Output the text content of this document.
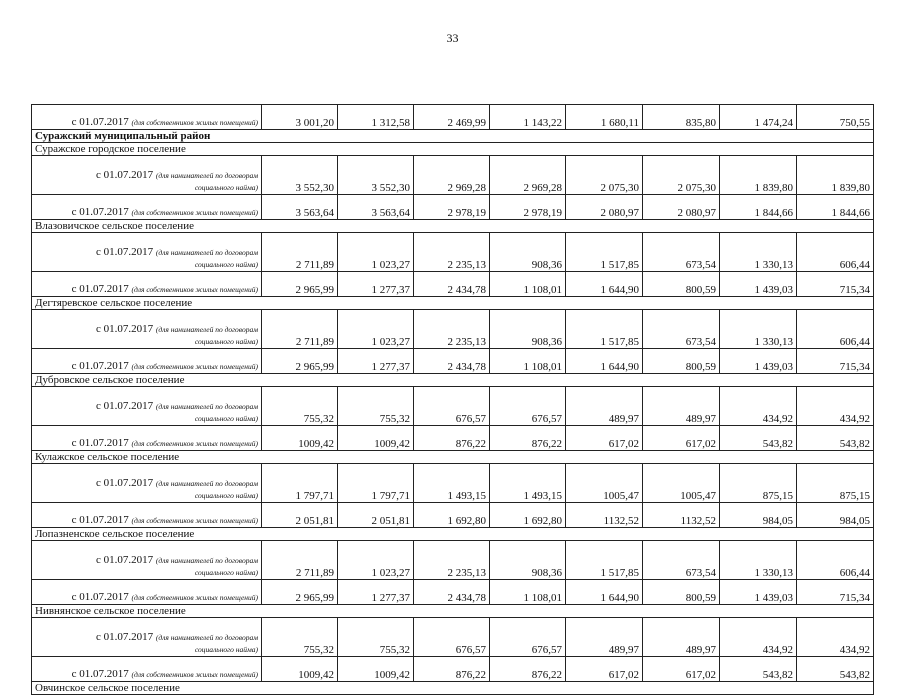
33
с 01.07.2017 (для собственников жилых помещений)	3 001,20	1 312,58	2 469,99	1 143,22	1 680,11	835,80	1 474,24	750,55
Суражский муниципальный район								
Суражское городское поселение								

с 01.07.2017 (для нанимателей по договорам
социального найма)	3 552,30	3 552,30	2 969,28	2 969,28	2 075,30	2 075,30	1 839,80	1 839,80
с 01.07.2017 (для собственников жилых помещений)	3 563,64	3 563,64	2 978,19	2 978,19	2 080,97	2 080,97	1 844,66	1 844,66
Влазовичское сельское поселение								

с 01.07.2017 (для нанимателей по договорам
социального найма)	2 711,89	1 023,27	2 235,13	908,36	1 517,85	673,54	1 330,13	606,44
с 01.07.2017 (для собственников жилых помещений)	2 965,99	1 277,37	2 434,78	1 108,01	1 644,90	800,59	1 439,03	715,34
Дегтяревское сельское поселение								

с 01.07.2017 (для нанимателей по договорам
социального найма)	2 711,89	1 023,27	2 235,13	908,36	1 517,85	673,54	1 330,13	606,44
с 01.07.2017 (для собственников жилых помещений)	2 965,99	1 277,37	2 434,78	1 108,01	1 644,90	800,59	1 439,03	715,34
Дубровское сельское поселение								

с 01.07.2017 (для нанимателей по договорам
социального найма)	755,32	755,32	676,57	676,57	489,97	489,97	434,92	434,92
с 01.07.2017 (для собственников жилых помещений)	1009,42	1009,42	876,22	876,22	617,02	617,02	543,82	543,82
Кулажское сельское поселение								

с 01.07.2017 (для нанимателей по договорам
социального найма)	1 797,71	1 797,71	1 493,15	1 493,15	1005,47	1005,47	875,15	875,15
с 01.07.2017 (для собственников жилых помещений)	2 051,81	2 051,81	1 692,80	1 692,80	1132,52	1132,52	984,05	984,05
Лопазненское сельское поселение								

с 01.07.2017 (для нанимателей по договорам
социального найма)	2 711,89	1 023,27	2 235,13	908,36	1 517,85	673,54	1 330,13	606,44
с 01.07.2017 (для собственников жилых помещений)	2 965,99	1 277,37	2 434,78	1 108,01	1 644,90	800,59	1 439,03	715,34
Нивнянское сельское поселение								

с 01.07.2017 (для нанимателей по договорам
социального найма)	755,32	755,32	676,57	676,57	489,97	489,97	434,92	434,92
с 01.07.2017 (для собственников жилых помещений)	1009,42	1009,42	876,22	876,22	617,02	617,02	543,82	543,82
Овчинское сельское поселение								
